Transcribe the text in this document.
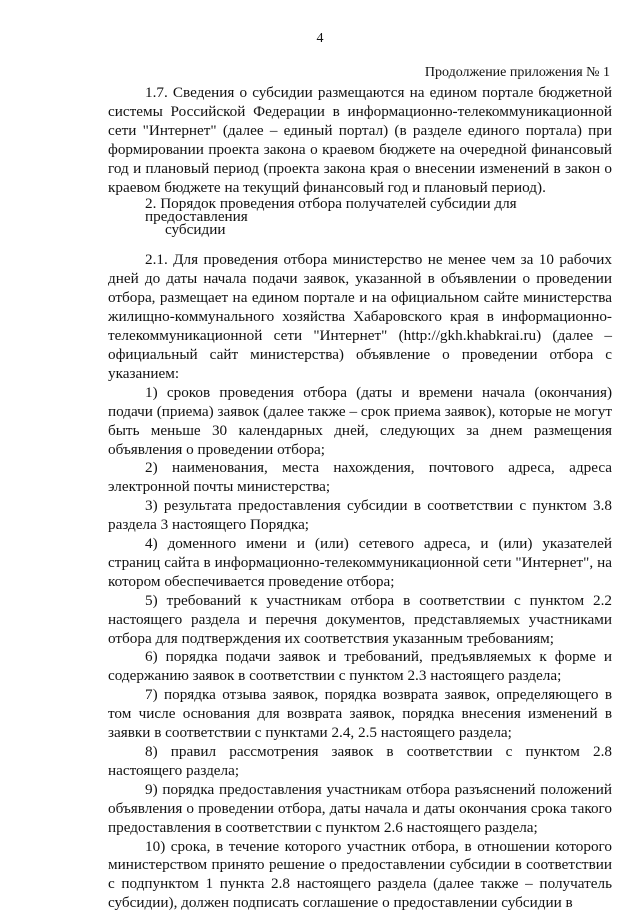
4
Продолжение приложения № 1

1.7. Сведения о субсидии размещаются на едином портале бюджетной системы Российской Федерации в информационно-телекоммуникационной сети "Интернет" (далее – единый портал) (в разделе единого портала) при формировании проекта закона о краевом бюджете на очередной финансовый год и плановый период (проекта закона края о внесении изменений в закон о краевом бюджете на текущий финансовый год и плановый период).

2. Порядок проведения отбора получателей субсидии для предоставления
субсидии

2.1. Для проведения отбора министерство не менее чем за 10 рабочих дней до даты начала подачи заявок, указанной в объявлении о проведении отбора, размещает на едином портале и на официальном сайте министерства жилищно-коммунального хозяйства Хабаровского края в информационно-телекоммуникационной сети "Интернет" (http://gkh.khabkrai.ru) (далее – официальный сайт министерства) объявление о проведении отбора с указанием:

1) сроков проведения отбора (даты и времени начала (окончания) подачи (приема) заявок (далее также – срок приема заявок), которые не могут быть меньше 30 календарных дней, следующих за днем размещения объявления о проведении отбора;

2) наименования, места нахождения, почтового адреса, адреса электронной почты министерства;

3) результата предоставления субсидии в соответствии с пунктом 3.8 раздела 3 настоящего Порядка;

4) доменного имени и (или) сетевого адреса, и (или) указателей страниц сайта в информационно-телекоммуникационной сети "Интернет", на котором обеспечивается проведение отбора;

5) требований к участникам отбора в соответствии с пунктом 2.2 настоящего раздела и перечня документов, представляемых участниками отбора для подтверждения их соответствия указанным требованиям;

6) порядка подачи заявок и требований, предъявляемых к форме и содержанию заявок в соответствии с пунктом 2.3 настоящего раздела;

7) порядка отзыва заявок, порядка возврата заявок, определяющего в том числе основания для возврата заявок, порядка внесения изменений в заявки в соответствии с пунктами 2.4, 2.5 настоящего раздела;

8) правил рассмотрения заявок в соответствии с пунктом 2.8 настоящего раздела;

9) порядка предоставления участникам отбора разъяснений положений объявления о проведении отбора, даты начала и даты окончания срока такого предоставления в соответствии с пунктом 2.6 настоящего раздела;

10) срока, в течение которого участник отбора, в отношении которого министерством принято решение о предоставлении субсидии в соответствии с подпунктом 1 пункта 2.8 настоящего раздела (далее также – получатель субсидии), должен подписать соглашение о предоставлении субсидии в
